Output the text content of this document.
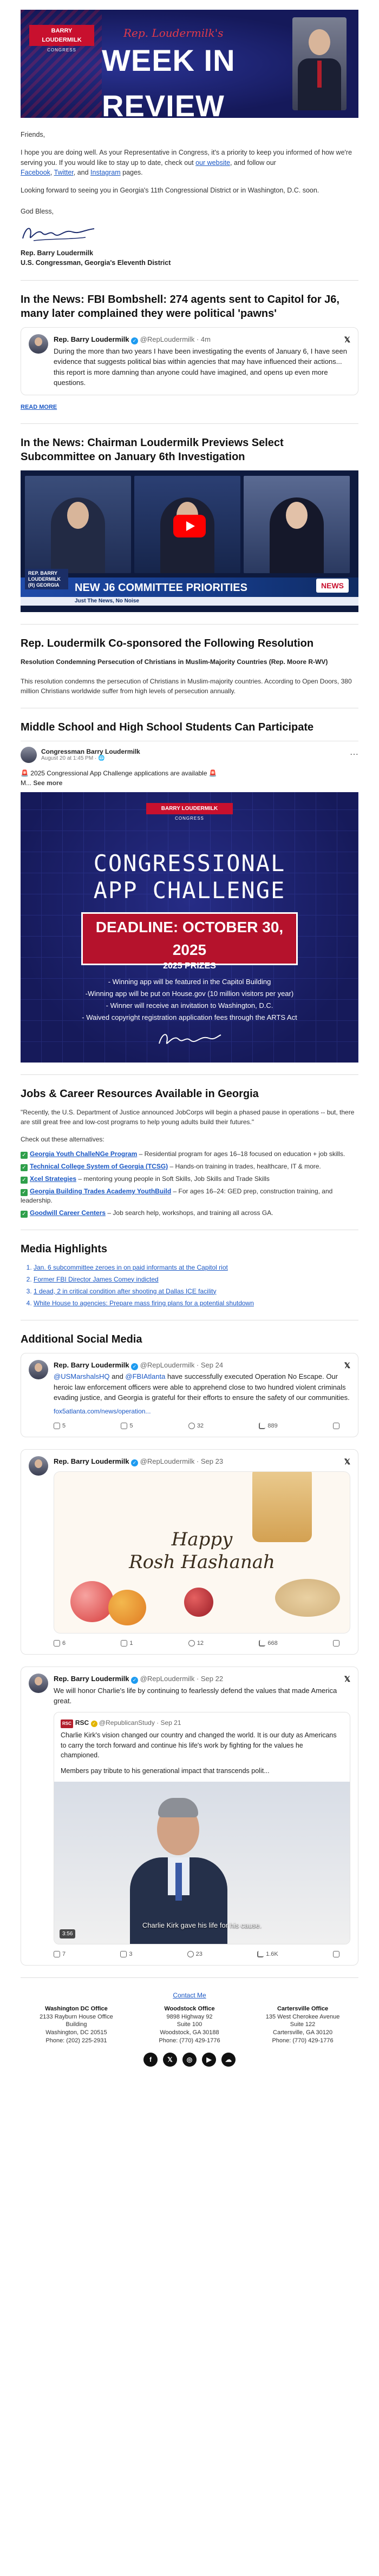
BARRY LOUDERMILK
CONGRESS
Rep. Loudermilk's
WEEK IN REVIEW

Friends,

I hope you are doing well. As your Representative in Congress, it's a priority to keep you informed of how we're serving you. If you would like to stay up to date, check out our website, and follow our
Facebook, Twitter, and Instagram pages.

Looking forward to seeing you in Georgia's 11th Congressional District or in Washington, D.C. soon.

God Bless,

Rep. Barry Loudermilk
U.S. Congressman, Georgia's Eleventh District
In the News: FBI Bombshell: 274 agents sent to Capitol for J6, many later complained they were political 'pawns'
𝕏
Rep. Barry Loudermilk ✓ @RepLoudermilk · 4m
During the more than two years I have been investigating the events of January 6, I have seen evidence that suggests political bias within agencies that may have influenced their actions... this report is more damning than anyone could have imagined, and opens up even more questions.
READ MORE
In the News: Chairman Loudermilk Previews Select Subcommittee on January 6th Investigation
REP. BARRY LOUDERMILK (R) GEORGIA	NEW J6 COMMITTEE PRIORITIES
Just The News, No Noise
NEWS
Rep. Loudermilk Co-sponsored the Following Resolution
Resolution Condemning Persecution of Christians in Muslim-Majority Countries (Rep. Moore R-WV)
This resolution condemns the persecution of Christians in Muslim-majority countries. According to Open Doors, 380 million Christians worldwide suffer from high levels of persecution annually.
Middle School and High School Students Can Participate
Congressman Barry Loudermilk
August 20 at 1:45 PM · 🌐	⋯
🚨 2025 Congressional App Challenge applications are available 🚨
M... See more
BARRY LOUDERMILK
CONGRESS
CONGRESSIONAL
APP CHALLENGE
DEADLINE: OCTOBER 30, 2025
2025 PRIZES
- Winning app will be featured in the Capitol Building
-Winning app will be put on House.gov (10 million visitors per year)
- Winner will receive an invitation to Washington, D.C.
- Waived copyright registration application fees through the ARTS Act
Jobs & Career Resources Available in Georgia

"Recently, the U.S. Department of Justice announced JobCorps will begin a phased pause in operations -- but, there are still great free and low-cost programs to help young adults build their futures."

Check out these alternatives:

✓ Georgia Youth ChalleNGe Program – Residential program for ages 16–18 focused on education + job skills.
✓ Technical College System of Georgia (TCSG) – Hands-on training in trades, healthcare, IT & more.
✓ Xcel Strategies – mentoring young people in Soft Skills, Job Skills and Trade Skills
✓ Georgia Building Trades Academy YouthBuild – For ages 16–24: GED prep, construction training, and leadership.
✓ Goodwill Career Centers – Job search help, workshops, and training all across GA.
Media Highlights
1. Jan. 6 subcommittee zeroes in on paid informants at the Capitol riot
2. Former FBI Director James Comey indicted
3. 1 dead, 2 in critical condition after shooting at Dallas ICE facility
4. White House to agencies: Prepare mass firing plans for a potential shutdown
Additional Social Media
𝕏
Rep. Barry Loudermilk ✓ @RepLoudermilk · Sep 24
@USMarshalsHQ and @FBIAtlanta have successfully executed Operation No Escape. Our heroic law enforcement officers were able to apprehend close to two hundred violent criminals evading justice, and Georgia is grateful for their efforts to ensure the safety of our communities.
fox5atlanta.com/news/operation...
5	5	32	889
𝕏
Rep. Barry Loudermilk ✓ @RepLoudermilk · Sep 23
Happy
Rosh Hashanah
6	1	12	668
𝕏
Rep. Barry Loudermilk ✓ @RepLoudermilk · Sep 22
We will honor Charlie's life by continuing to fearlessly defend the values that made America great.
RSC RSC ✓ @RepublicanStudy · Sep 21
Charlie Kirk's vision changed our country and changed the world. It is our duty as Americans to carry the torch forward and continue his life's work by fighting for the values he championed.
Members pay tribute to his generational impact that transcends polit...
Charlie Kirk gave his life for his cause.
3:56
7	3	23	1.6K
Contact Me
Washington DC Office
2133 Rayburn House Office
Building
Washington, DC 20515
Phone: (202) 225-2931
Woodstock Office
9898 Highway 92
Suite 100
Woodstock, GA 30188
Phone: (770) 429-1776
Cartersville Office
135 West Cherokee Avenue
Suite 122
Cartersville, GA 30120
Phone: (770) 429-1776
f	𝕏	◎	▶	☁
